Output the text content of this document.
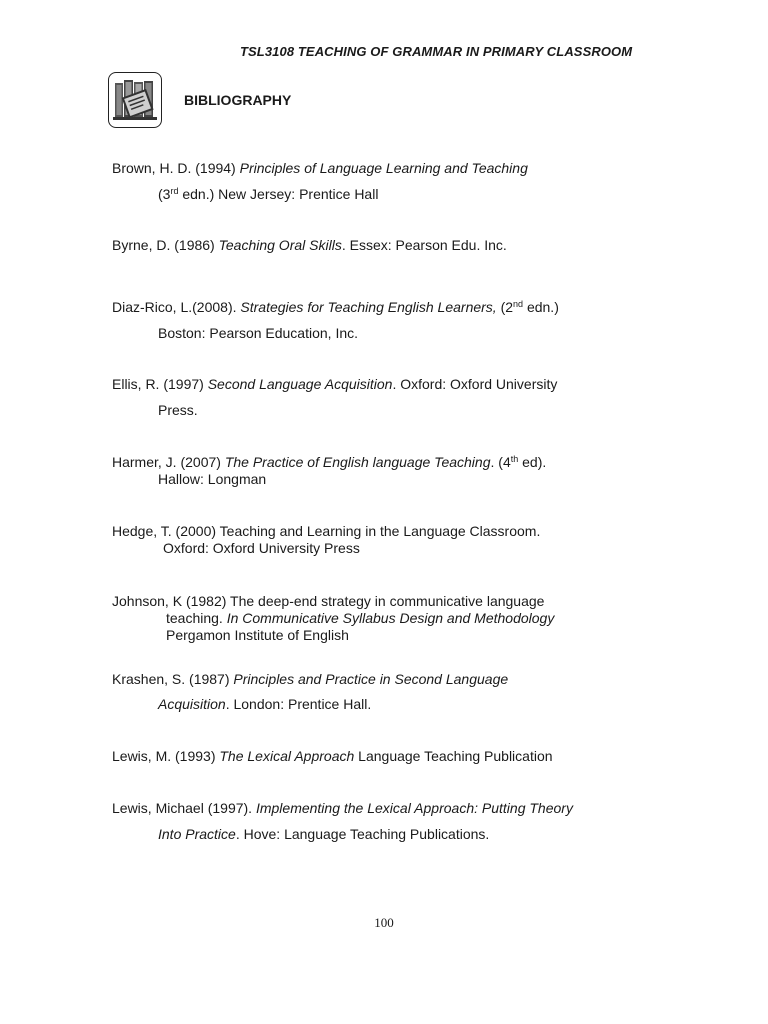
TSL3108 TEACHING OF GRAMMAR IN PRIMARY CLASSROOM
BIBLIOGRAPHY
Brown, H. D. (1994) Principles of Language Learning and Teaching
(3rd edn.) New Jersey: Prentice Hall
Byrne, D. (1986) Teaching Oral Skills. Essex: Pearson Edu. Inc.
Diaz-Rico, L.(2008). Strategies for Teaching English Learners, (2nd edn.)
Boston: Pearson Education, Inc.
Ellis, R. (1997) Second Language Acquisition. Oxford: Oxford University
Press.
Harmer, J. (2007) The Practice of English language Teaching. (4th ed).
Hallow: Longman
Hedge, T. (2000) Teaching and Learning in the Language Classroom.
Oxford: Oxford University Press
Johnson, K (1982) The deep-end strategy in communicative language
teaching. In Communicative Syllabus Design and Methodology
Pergamon Institute of English
Krashen, S. (1987) Principles and Practice in Second Language
Acquisition. London: Prentice Hall.
Lewis, M. (1993) The Lexical Approach Language Teaching Publication
Lewis, Michael (1997). Implementing the Lexical Approach: Putting Theory
Into Practice. Hove: Language Teaching Publications.
100
